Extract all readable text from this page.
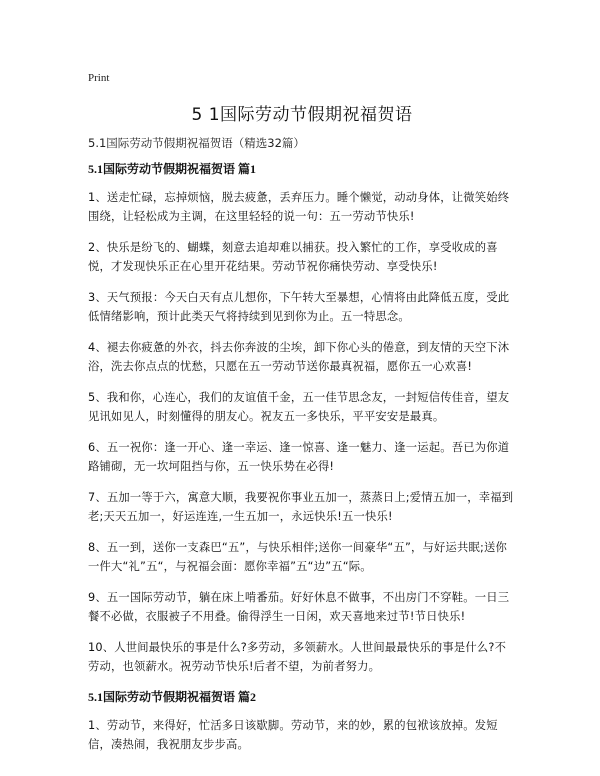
Print
5 1国际劳动节假期祝福贺语
5.1国际劳动节假期祝福贺语（精选32篇）
5.1国际劳动节假期祝福贺语 篇1

1、送走忙碌，忘掉烦恼，脱去疲惫，丢弃压力。睡个懒觉，动动身体，让微笑始终围绕，让轻松成为主调，在这里轻轻的说一句：五一劳动节快乐!

2、快乐是纷飞的、蝴蝶，刻意去追却难以捕获。投入繁忙的工作，享受收成的喜悦，才发现快乐正在心里开花结果。劳动节祝你痛快劳动、享受快乐!

3、天气预报：今天白天有点儿想你，下午转大至暴想，心情将由此降低五度，受此低情绪影响，预计此类天气将持续到见到你为止。五一特思念。

4、褪去你疲惫的外衣，抖去你奔波的尘埃，卸下你心头的倦意，到友情的天空下沐浴，洗去你点点的忧愁，只愿在五一劳动节送你最真祝福，愿你五一心欢喜!

5、我和你，心连心，我们的友谊值千金，五一佳节思念友，一封短信传佳音，望友见讯如见人，时刻懂得的朋友心。祝友五一多快乐，平平安安是最真。

6、五一祝你：逢一开心、逢一幸运、逢一惊喜、逢一魅力、逢一运起。吾已为你道路铺砌，无一坎坷阻挡与你，五一快乐势在必得!

7、五加一等于六，寓意大顺，我要祝你事业五加一，蒸蒸日上;爱情五加一，幸福到老;天天五加一，好运连连,一生五加一，永远快乐!五一快乐!

8、五一到，送你一支森巴“五”，与快乐相伴;送你一间豪华“五”，与好运共眠;送你一件大“礼”五“，与祝福会面：愿你幸福”五“边”五“际。

9、五一国际劳动节，躺在床上啃番茄。好好休息不做事，不出房门不穿鞋。一日三餐不必做，衣服被子不用叠。偷得浮生一日闲，欢天喜地来过节!节日快乐!

10、人世间最快乐的事是什么?多劳动，多领薪水。人世间最最快乐的事是什么?不劳动，也领薪水。祝劳动节快乐!后者不望，为前者努力。

5.1国际劳动节假期祝福贺语 篇2

1、劳动节，来得好，忙活多日该歇脚。劳动节，来的妙，累的包袱该放掉。发短信，凑热闹，我祝朋友步步高。
